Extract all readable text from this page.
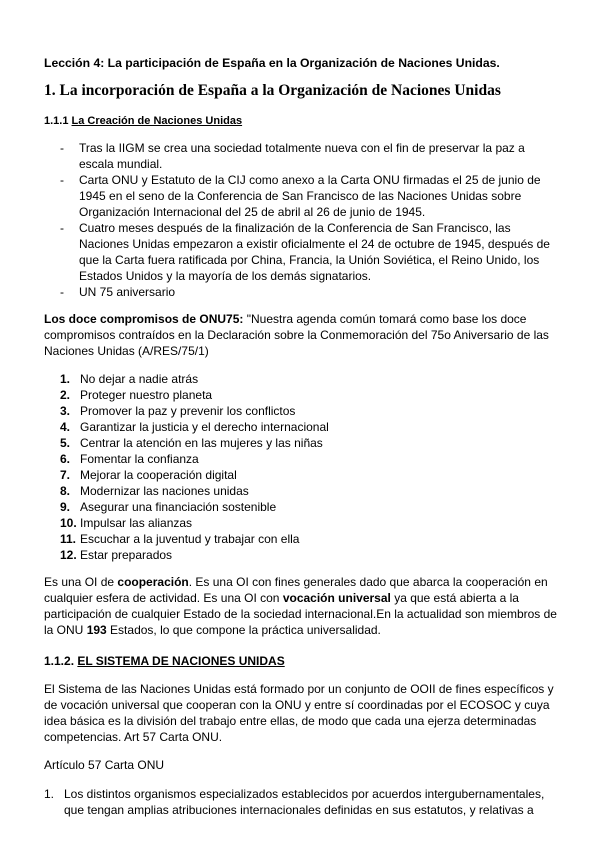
Lección 4: La participación de España en la Organización de Naciones Unidas.
1. La incorporación de España a la Organización de Naciones Unidas
1.1.1 La Creación de Naciones Unidas
- Tras la IIGM se crea una sociedad totalmente nueva con el fin de preservar la paz a escala mundial.
- Carta ONU y Estatuto de la CIJ como anexo a la Carta ONU firmadas el 25 de junio de 1945 en el seno de la Conferencia de San Francisco de las Naciones Unidas sobre Organización Internacional del 25 de abril al 26 de junio de 1945.
- Cuatro meses después de la finalización de la Conferencia de San Francisco, las Naciones Unidas empezaron a existir oficialmente el 24 de octubre de 1945, después de que la Carta fuera ratificada por China, Francia, la Unión Soviética, el Reino Unido, los Estados Unidos y la mayoría de los demás signatarios.
- UN 75 aniversario

Los doce compromisos de ONU75: "Nuestra agenda común tomará como base los doce compromisos contraídos en la Declaración sobre la Conmemoración del 75o Aniversario de las Naciones Unidas (A/RES/75/1)

1. No dejar a nadie atrás
2. Proteger nuestro planeta
3. Promover la paz y prevenir los conflictos
4. Garantizar la justicia y el derecho internacional
5. Centrar la atención en las mujeres y las niñas
6. Fomentar la confianza
7. Mejorar la cooperación digital
8. Modernizar las naciones unidas
9. Asegurar una financiación sostenible
10. Impulsar las alianzas
11. Escuchar a la juventud y trabajar con ella
12. Estar preparados

Es una OI de cooperación. Es una OI con fines generales dado que abarca la cooperación en cualquier esfera de actividad. Es una OI con vocación universal ya que está abierta a la participación de cualquier Estado de la sociedad internacional.En la actualidad son miembros de la ONU 193 Estados, lo que compone la práctica universalidad.

1.1.2. EL SISTEMA DE NACIONES UNIDAS

El Sistema de las Naciones Unidas está formado por un conjunto de OOII de fines específicos y de vocación universal que cooperan con la ONU y entre sí coordinadas por el ECOSOC y cuya idea básica es la división del trabajo entre ellas, de modo que cada una ejerza determinadas competencias. Art 57 Carta ONU.

Artículo 57 Carta ONU

1. Los distintos organismos especializados establecidos por acuerdos intergubernamentales, que tengan amplias atribuciones internacionales definidas en sus estatutos, y relativas a
